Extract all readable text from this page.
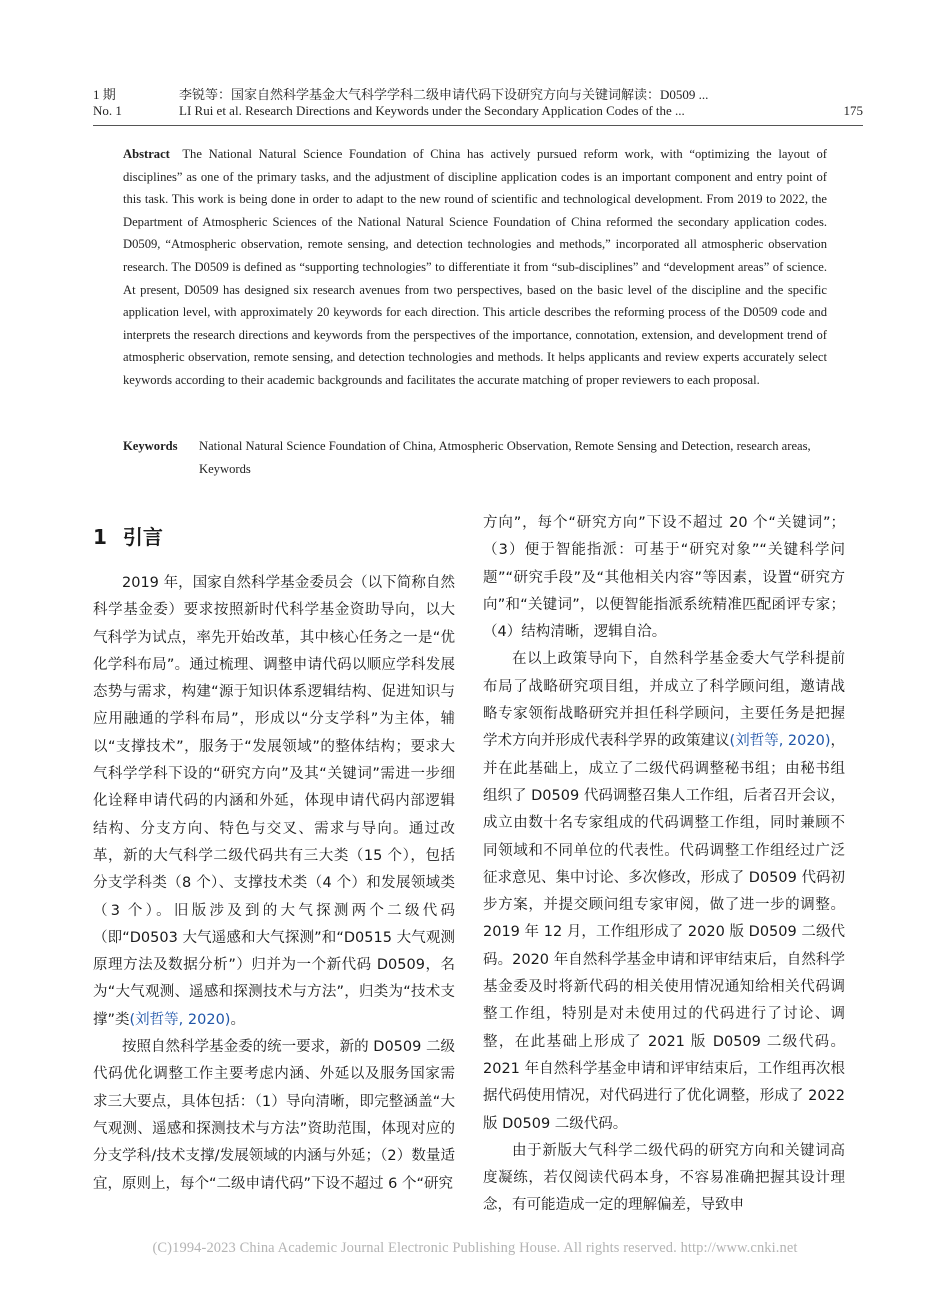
1 期	李锐等：国家自然科学基金大气科学学科二级申请代码下设研究方向与关键词解读：D0509 ...
No. 1	LI Rui et al. Research Directions and Keywords under the Secondary Application Codes of the ...	175
Abstract The National Natural Science Foundation of China has actively pursued reform work, with “optimizing the layout of disciplines” as one of the primary tasks, and the adjustment of discipline application codes is an important component and entry point of this task. This work is being done in order to adapt to the new round of scientific and technological development. From 2019 to 2022, the Department of Atmospheric Sciences of the National Natural Science Foundation of China reformed the secondary application codes. D0509, “Atmospheric observation, remote sensing, and detection technologies and methods,” incorporated all atmospheric observation research. The D0509 is defined as “supporting technologies” to differentiate it from “sub-disciplines” and “development areas” of science. At present, D0509 has designed six research avenues from two perspectives, based on the basic level of the discipline and the specific application level, with approximately 20 keywords for each direction. This article describes the reforming process of the D0509 code and interprets the research directions and keywords from the perspectives of the importance, connotation, extension, and development trend of atmospheric observation, remote sensing, and detection technologies and methods. It helps applicants and review experts accurately select keywords according to their academic backgrounds and facilitates the accurate matching of proper reviewers to each proposal.
Keywords	National Natural Science Foundation of China, Atmospheric Observation, Remote Sensing and Detection, research areas, Keywords
1 引言

2019 年，国家自然科学基金委员会（以下简称自然科学基金委）要求按照新时代科学基金资助导向，以大气科学为试点，率先开始改革，其中核心任务之一是“优化学科布局”。通过梳理、调整申请代码以顺应学科发展态势与需求，构建“源于知识体系逻辑结构、促进知识与应用融通的学科布局”，形成以“分支学科”为主体，辅以“支撑技术”，服务于“发展领域”的整体结构；要求大气科学学科下设的“研究方向”及其“关键词”需进一步细化诠释申请代码的内涵和外延，体现申请代码内部逻辑结构、分支方向、特色与交叉、需求与导向。通过改革，新的大气科学二级代码共有三大类（15 个），包括分支学科类（8 个）、支撑技术类（4 个）和发展领域类（3 个）。旧版涉及到的大气探测两个二级代码（即“D0503 大气遥感和大气探测”和“D0515 大气观测原理方法及数据分析”）归并为一个新代码 D0509，名为“大气观测、遥感和探测技术与方法”，归类为“技术支撑”类(刘哲等, 2020)。

按照自然科学基金委的统一要求，新的 D0509 二级代码优化调整工作主要考虑内涵、外延以及服务国家需求三大要点，具体包括：（1）导向清晰，即完整涵盖“大气观测、遥感和探测技术与方法”资助范围，体现对应的分支学科/技术支撑/发展领域的内涵与外延；（2）数量适宜，原则上，每个“二级申请代码”下设不超过 6 个“研究

方向”，每个“研究方向”下设不超过 20 个“关键词”；（3）便于智能指派：可基于“研究对象”“关键科学问题”“研究手段”及“其他相关内容”等因素，设置“研究方向”和“关键词”，以便智能指派系统精准匹配函评专家；（4）结构清晰，逻辑自洽。

在以上政策导向下，自然科学基金委大气学科提前布局了战略研究项目组，并成立了科学顾问组，邀请战略专家领衔战略研究并担任科学顾问，主要任务是把握学术方向并形成代表科学界的政策建议(刘哲等, 2020)，并在此基础上，成立了二级代码调整秘书组；由秘书组组织了 D0509 代码调整召集人工作组，后者召开会议，成立由数十名专家组成的代码调整工作组，同时兼顾不同领域和不同单位的代表性。代码调整工作组经过广泛征求意见、集中讨论、多次修改，形成了 D0509 代码初步方案，并提交顾问组专家审阅，做了进一步的调整。2019 年 12 月，工作组形成了 2020 版 D0509 二级代码。2020 年自然科学基金申请和评审结束后，自然科学基金委及时将新代码的相关使用情况通知给相关代码调整工作组，特别是对未使用过的代码进行了讨论、调整，在此基础上形成了 2021 版 D0509 二级代码。2021 年自然科学基金申请和评审结束后，工作组再次根据代码使用情况，对代码进行了优化调整，形成了 2022 版 D0509 二级代码。

由于新版大气科学二级代码的研究方向和关键词高度凝练，若仅阅读代码本身，不容易准确把握其设计理念，有可能造成一定的理解偏差，导致申

(C)1994-2023 China Academic Journal Electronic Publishing House. All rights reserved. http://www.cnki.net
